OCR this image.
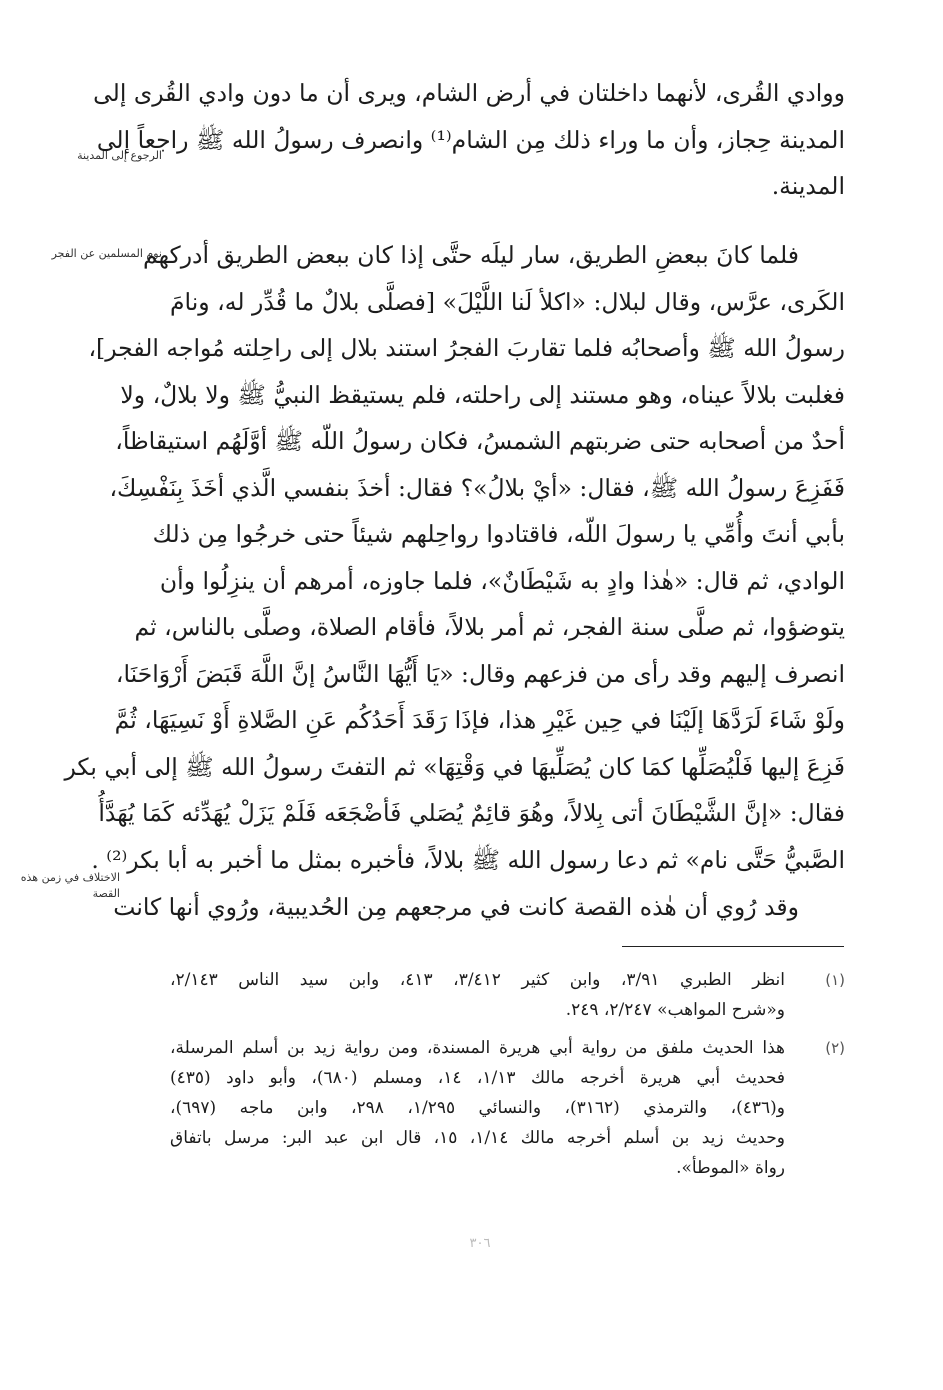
الرجوع إلى المدينة
نوم المسلمين عن الفجر
الاختلاف في زمن هذه القصة
ووادي القُرى، لأنهما داخلتان في أرض الشام، ويرى أن ما دون وادي القُرى إلى
المدينة حِجاز، وأن ما وراء ذلك مِن الشام⁽¹⁾ وانصرف رسولُ الله ﷺ راجعاً إلى
المدينة.
فلما كانَ ببعضِ الطريق، سار ليلَه حتَّى إذا كان ببعض الطريق أدركهم
الكَرى، عرَّس، وقال لبلال: «اكلأ لَنا اللَّيْلَ» [فصلَّى بلالٌ ما قُدِّر له، ونامَ
رسولُ الله ﷺ وأصحابُه فلما تقاربَ الفجرُ استند بلال إلى راحِلته مُواجه الفجر]،
فغلبت بلالاً عيناه، وهو مستند إلى راحلته، فلم يستيقظ النبيُّ ﷺ ولا بلالٌ، ولا
أحدٌ من أصحابه حتى ضربتهم الشمسُ، فكان رسولُ اللّه ﷺ أوَّلَهُم استيقاظاً،
فَفَزِعَ رسولُ الله ﷺ، فقال: «أيْ بلالُ»؟ فقال: أخذَ بنفسي الَّذي أخَذَ بِنَفْسِكَ،
بأبي أنتَ وأُمِّي يا رسولَ اللّه، فاقتادوا رواحِلهم شيئاً حتى خرجُوا مِن ذلك
الوادي، ثم قال: «هٰذا وادٍ به شَيْطَانٌ»، فلما جاوزه، أمرهم أن ينزِلُوا وأن
يتوضؤوا، ثم صلَّى سنة الفجر، ثم أمر بلالاً، فأقام الصلاة، وصلَّى بالناس، ثم
انصرف إليهم وقد رأى من فزعهم وقال: «يَا أَيُّهَا النَّاسُ إنَّ اللَّهَ قَبَضَ أَرْوَاحَنَا،
ولَوْ شَاءَ لَرَدَّهَا إلَيْنَا في حِين غَيْرِ هذا، فإذَا رَقَدَ أَحَدُكُم عَنِ الصَّلاةِ أَوْ نَسِيَهَا، ثُمَّ
فَزِعَ إليها فَلْيُصَلِّها كمَا كان يُصَلِّيهَا في وَقْتِهَا» ثم التفتَ رسولُ الله ﷺ إلى أبي بكر
فقال: «إنَّ الشَّيْطَانَ أتى بِلالاً، وهُوَ قائِمٌ يُصَلي فَأضْجَعَه فَلَمْ يَزَلْ يُهَدِّئه كَمَا يُهَدَّأُ
الصَّبيُّ حَتَّى نام» ثم دعا رسول الله ﷺ بلالاً، فأخبره بمثل ما أخبر به أبا بكر⁽²⁾ .
وقد رُوي أن هٰذه القصة كانت في مرجعهم مِن الحُديبية، ورُوي أنها كانت
(١)
انظر الطبري ٣/٩١، وابن كثير ٣/٤١٢، ٤١٣، وابن سيد الناس ٢/١٤٣،
و«شرح المواهب» ٢/٢٤٧، ٢٤٩.
(٢)
هذا الحديث ملفق من رواية أبي هريرة المسندة، ومن رواية زيد بن أسلم المرسلة،
فحديث أبي هريرة أخرجه مالك ١/١٣، ١٤، ومسلم (٦٨٠)، وأبو داود (٤٣٥)
و(٤٣٦)، والترمذي (٣١٦٢)، والنسائي ١/٢٩٥، ٢٩٨، وابن ماجه (٦٩٧)،
وحديث زيد بن أسلم أخرجه مالك ١/١٤، ١٥، قال ابن عبد البر: مرسل باتفاق
رواة «الموطأ».
٣٠٦
